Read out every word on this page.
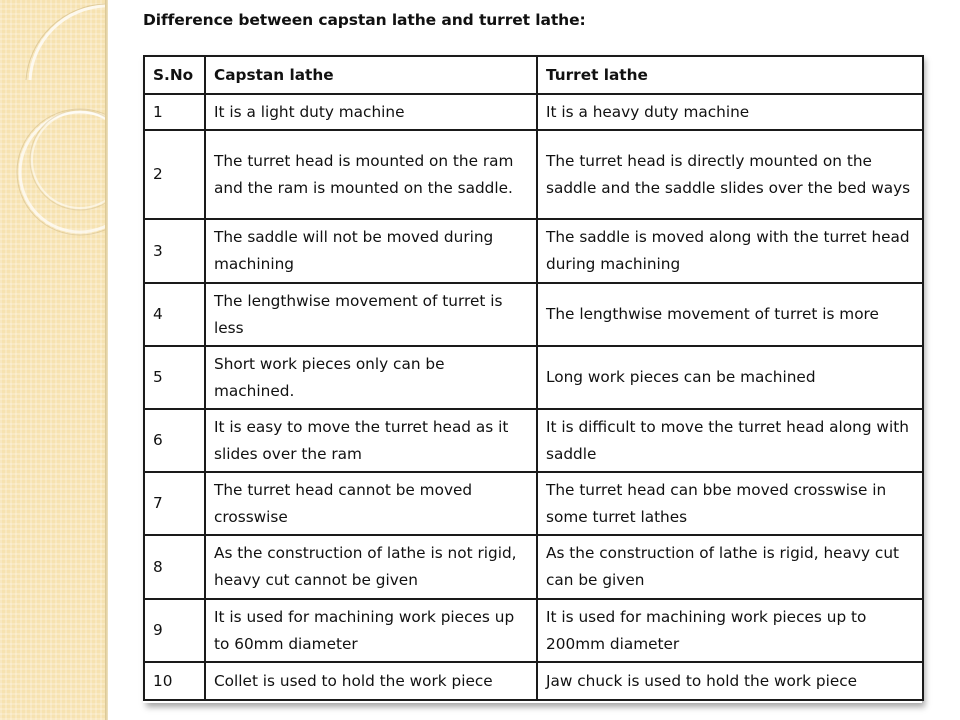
Difference between capstan lathe and turret lathe:
S.No	Capstan lathe	Turret lathe
1	It is a light duty machine	It is a heavy duty machine
2	The turret head is mounted on the ram and the ram is mounted on the saddle.	The turret head is directly mounted on the saddle and the saddle slides over the bed ways
3	The saddle will not be moved during machining	The saddle is moved along with the turret head during machining
4	The lengthwise movement of turret is less	The lengthwise movement of turret is more
5	Short work pieces only can be machined.	Long work pieces can be machined
6	It is easy to move the turret head as it slides over the ram	It is difficult to move the turret head along with saddle
7	The turret head cannot be moved crosswise	The turret head can bbe moved crosswise in some turret lathes
8	As the construction of lathe is not rigid, heavy cut cannot be given	As the construction of lathe is rigid, heavy cut can be given
9	It is used for machining work pieces up to 60mm diameter	It is used for machining work pieces up to 200mm diameter
10	Collet is used to hold the work piece	Jaw chuck is used to hold the work piece
